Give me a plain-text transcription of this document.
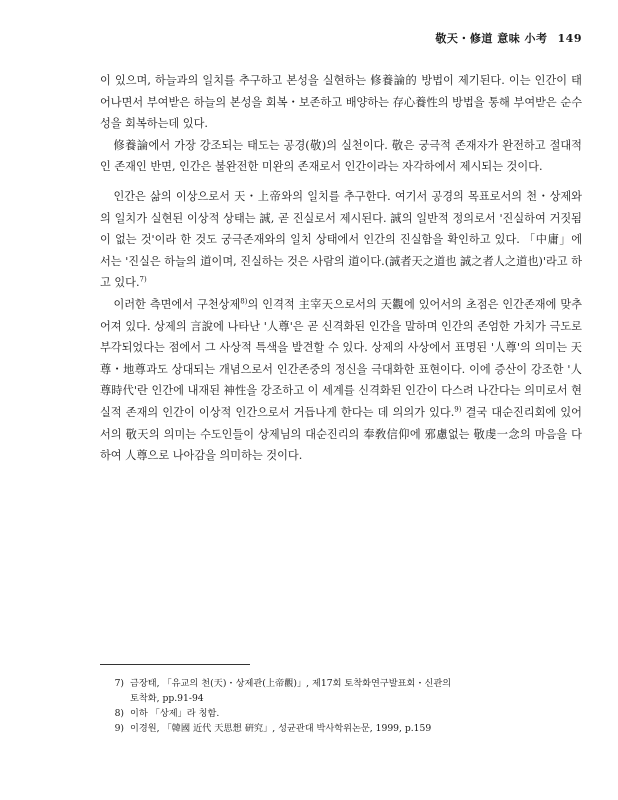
敬天・修道 意味 小考 149

이 있으며, 하늘과의 일치를 추구하고 본성을 실현하는 修養論的 방법이 제기된다. 이는 인간이 태어나면서 부여받은 하늘의 본성을 회복・보존하고 배양하는 存心養性의 방법을 통해 부여받은 순수성을 회복하는데 있다.

修養論에서 가장 강조되는 태도는 공경(敬)의 실천이다. 敬은 궁극적 존재자가 완전하고 절대적인 존재인 반면, 인간은 불완전한 미완의 존재로서 인간이라는 자각하에서 제시되는 것이다.

인간은 삶의 이상으로서 天・上帝와의 일치를 추구한다. 여기서 공경의 목표로서의 천・상제와의 일치가 실현된 이상적 상태는 誠, 곧 진실로서 제시된다. 誠의 일반적 정의로서 '진실하여 거짓됨이 없는 것'이라 한 것도 궁극존재와의 일치 상태에서 인간의 진실함을 확인하고 있다. 「中庸」에서는 '진실은 하늘의 道이며, 진실하는 것은 사람의 道이다.(誠者天之道也 誠之者人之道也)'라고 하고 있다.$^{7)}$

이러한 측면에서 구천상제$^{8)}$의 인격적 主宰天으로서의 天觀에 있어서의 초점은 인간존재에 맞추어져 있다. 상제의 言說에 나타난 '人尊'은 곧 신격화된 인간을 말하며 인간의 존엄한 가치가 극도로 부각되었다는 점에서 그 사상적 특색을 발견할 수 있다. 상제의 사상에서 표명된 '人尊'의 의미는 天尊・地尊과도 상대되는 개념으로서 인간존중의 정신을 극대화한 표현이다. 이에 증산이 강조한 '人尊時代'란 인간에 내재된 神性을 강조하고 이 세계를 신격화된 인간이 다스려 나간다는 의미로서 현실적 존재의 인간이 이상적 인간으로서 거듭나게 한다는 데 의의가 있다.$^{9)}$ 결국 대순진리회에 있어서의 敬天의 의미는 수도인들이 상제님의 대순진리의 奉敎信仰에 邪慮없는 敬虔一念의 마음을 다하여 人尊으로 나아감을 의미하는 것이다.

7) 금장태, 「유교의 천(天)・상제관(上帝觀)」, 제17회 토착화연구발표회・신관의
토착화, pp.91-94
8) 이하 「상제」라 칭함.
9) 이경원, 「韓國 近代 天思想 硏究」, 성균관대 박사학위논문, 1999, p.159
